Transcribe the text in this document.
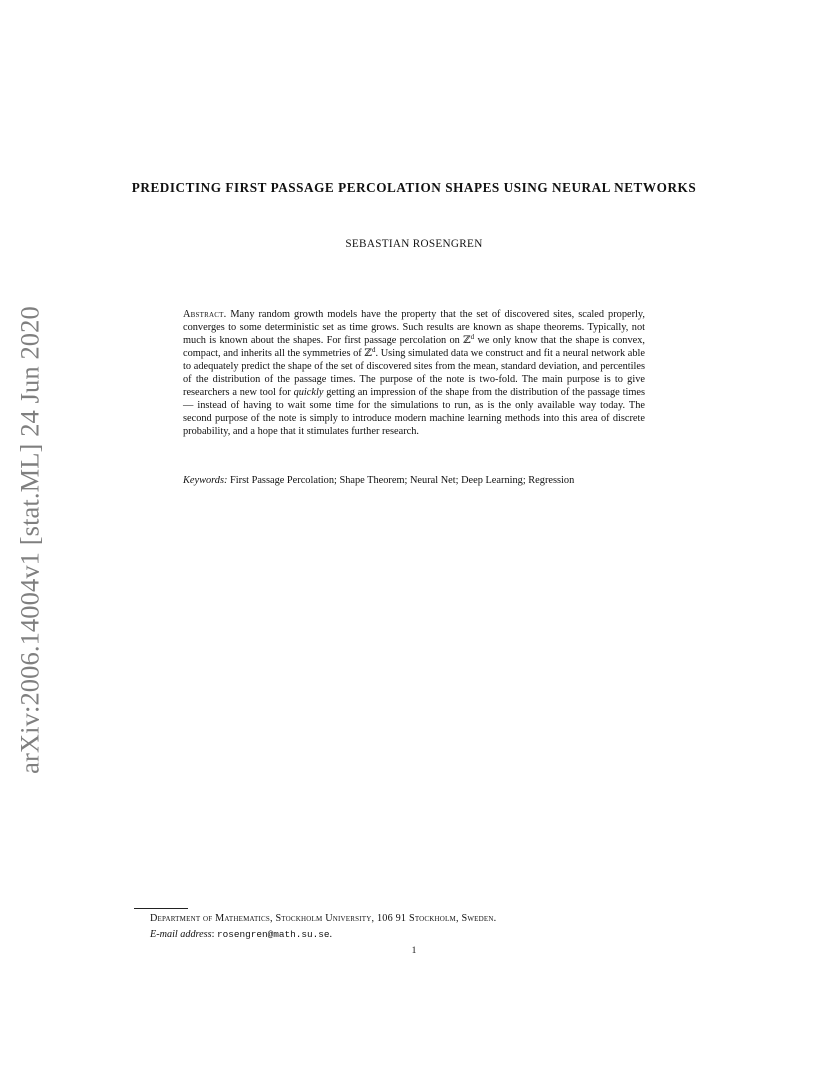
arXiv:2006.14004v1 [stat.ML] 24 Jun 2020
PREDICTING FIRST PASSAGE PERCOLATION SHAPES USING NEURAL NETWORKS

SEBASTIAN ROSENGREN

Abstract. Many random growth models have the property that the set of discovered sites, scaled properly, converges to some deterministic set as time grows. Such results are known as shape theorems. Typically, not much is known about the shapes. For first passage percolation on ℤ$^d$ we only know that the shape is convex, compact, and inherits all the symmetries of ℤ$^d$. Using simulated data we construct and fit a neural network able to adequately predict the shape of the set of discovered sites from the mean, standard deviation, and percentiles of the distribution of the passage times. The purpose of the note is two-fold. The main purpose is to give researchers a new tool for quickly getting an impression of the shape from the distribution of the passage times — instead of having to wait some time for the simulations to run, as is the only available way today. The second purpose of the note is simply to introduce modern machine learning methods into this area of discrete probability, and a hope that it stimulates further research.

Keywords: First Passage Percolation; Shape Theorem; Neural Net; Deep Learning; Regression

Department of Mathematics, Stockholm University, 106 91 Stockholm, Sweden.

E-mail address: rosengren@math.su.se.

1
